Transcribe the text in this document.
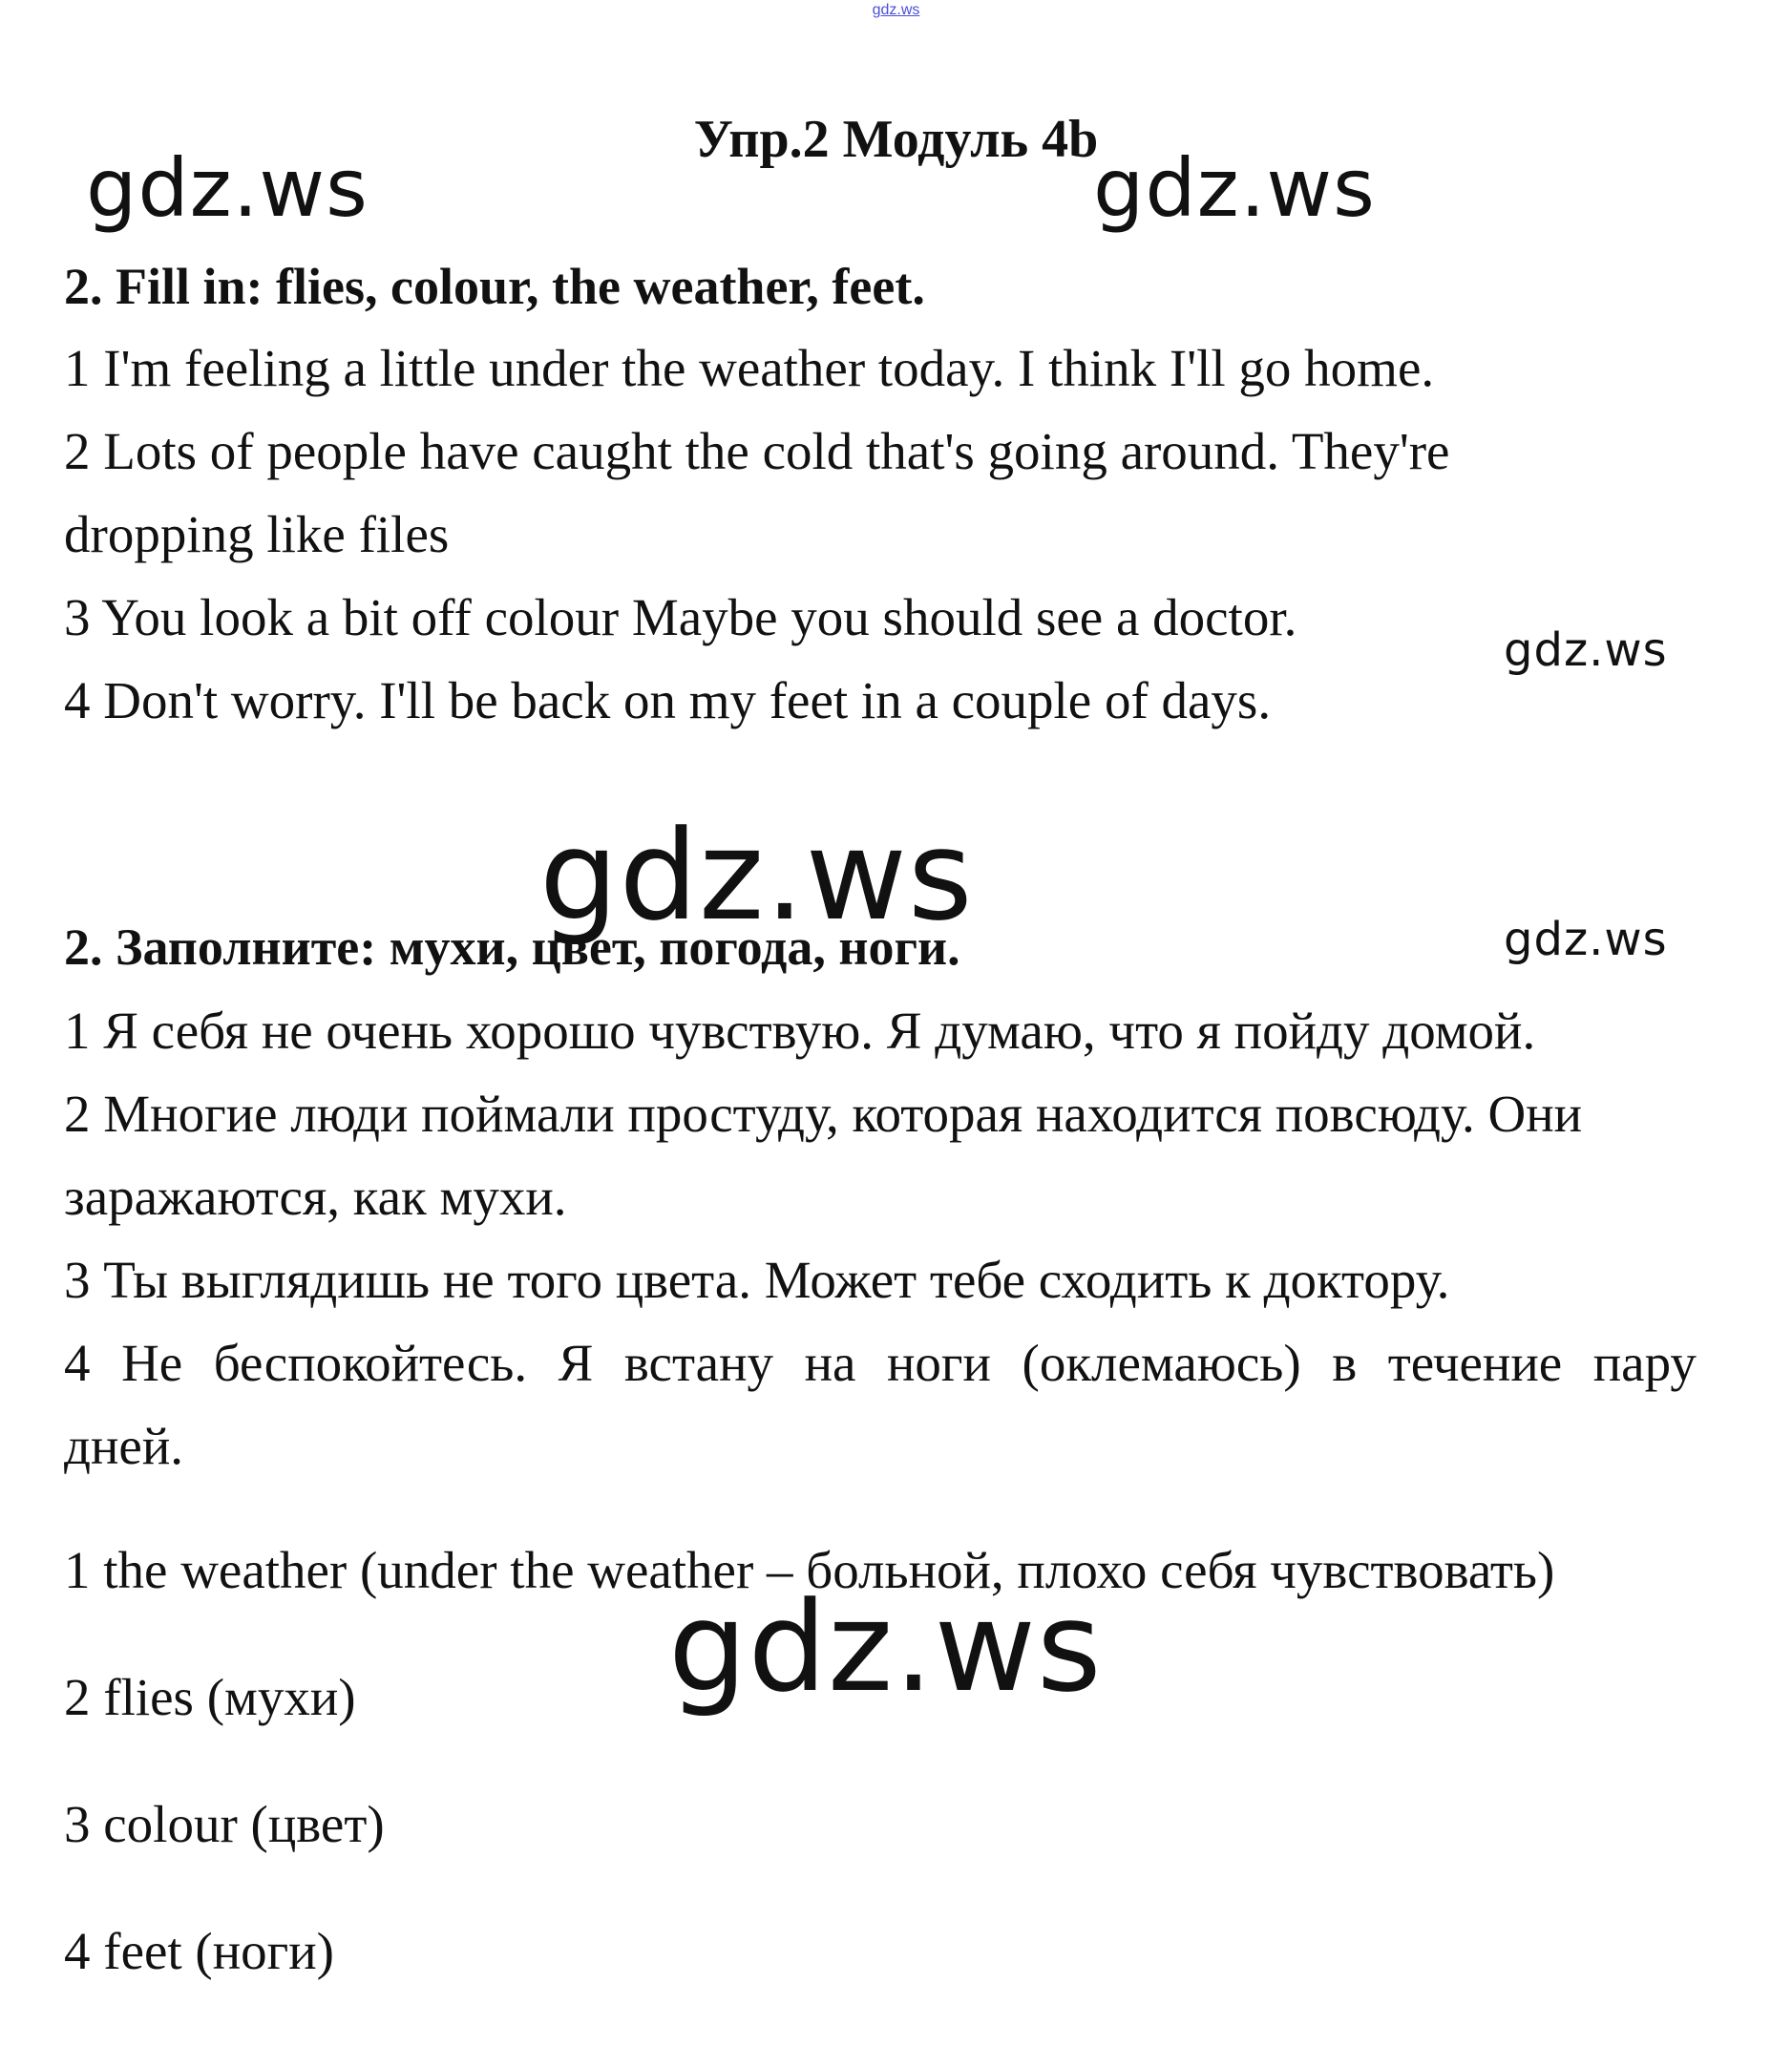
gdz.ws
Упр.2 Модуль 4b
gdz.ws	gdz.ws
gdz.ws
gdz.ws	gdz.ws
2. Fill in: flies, colour, the weather, feet.
1 I'm feeling a little under the weather today. I think I'll go home.
2 Lots of people have caught the cold that's going around. They're
dropping like files
3 You look a bit off colour Maybe you should see a doctor.
4 Don't worry. I'll be back on my feet in a couple of days.
2. Заполните: мухи, цвет, погода, ноги.
1 Я себя не очень хорошо чувствую. Я думаю, что я пойду домой.
2 Многие люди поймали простуду, которая находится повсюду. Они
заражаются, как мухи.
3 Ты выглядишь не того цвета. Может тебе сходить к доктору.
4 Не беспокойтесь. Я встану на ноги (оклемаюсь) в течение пару
дней.
1 the weather (under the weather – больной, плохо себя чувствовать)
gdz.ws
2 flies (мухи)
3 colour (цвет)
4 feet (ноги)
